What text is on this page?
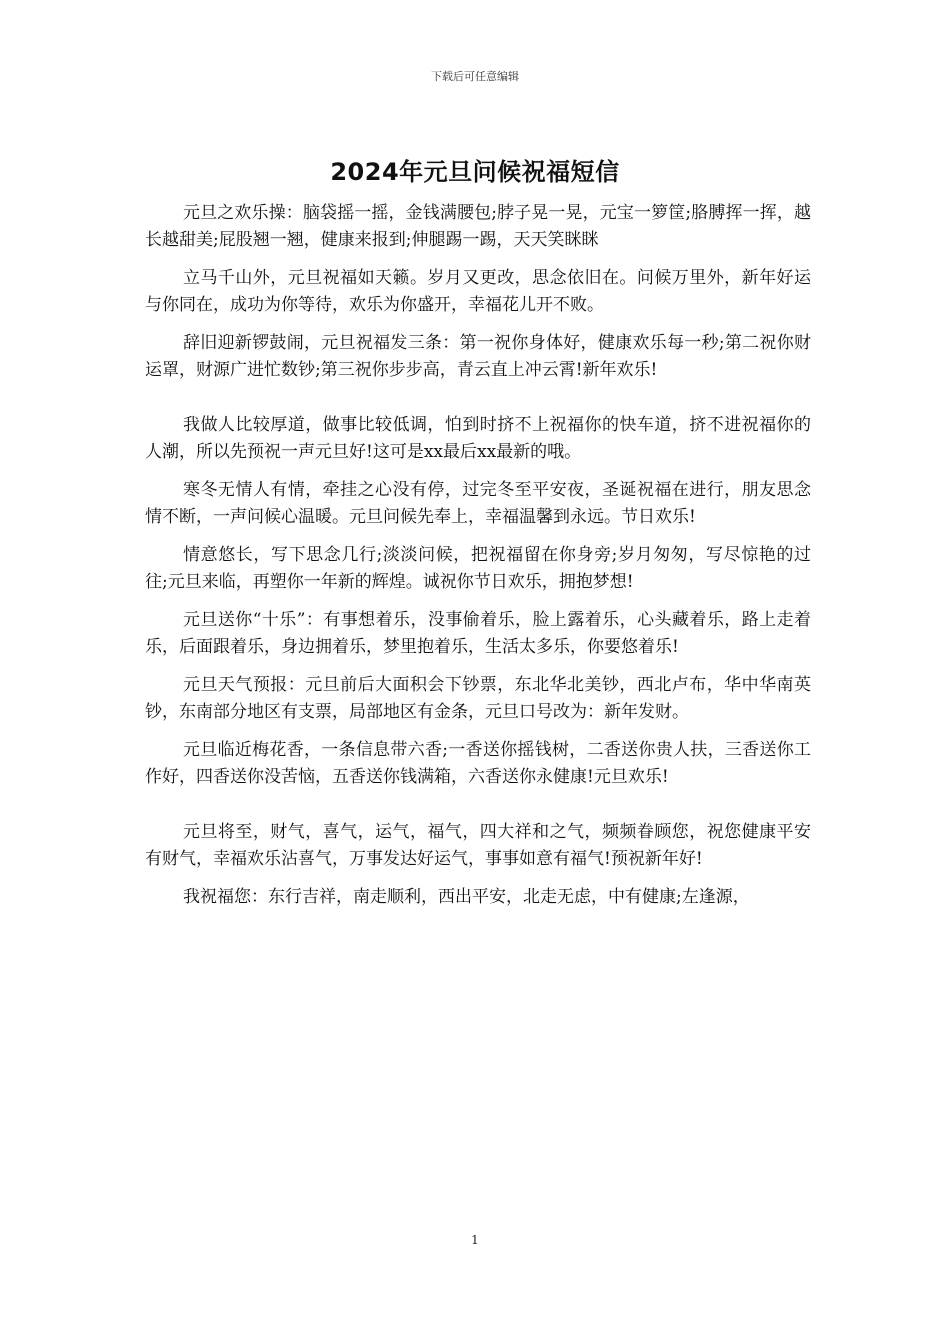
下载后可任意编辑
2024年元旦问候祝福短信

元旦之欢乐操：脑袋摇一摇，金钱满腰包;脖子晃一晃，元宝一箩筐;胳膊挥一挥，越长越甜美;屁股翘一翘，健康来报到;伸腿踢一踢，天天笑眯眯

立马千山外，元旦祝福如天籁。岁月又更改，思念依旧在。问候万里外，新年好运与你同在，成功为你等待，欢乐为你盛开，幸福花儿开不败。

辞旧迎新锣鼓闹，元旦祝福发三条：第一祝你身体好，健康欢乐每一秒;第二祝你财运罩，财源广进忙数钞;第三祝你步步高，青云直上冲云霄!新年欢乐!

我做人比较厚道，做事比较低调，怕到时挤不上祝福你的快车道，挤不进祝福你的人潮，所以先预祝一声元旦好!这可是xx最后xx最新的哦。

寒冬无情人有情，牵挂之心没有停，过完冬至平安夜，圣诞祝福在进行，朋友思念情不断，一声问候心温暖。元旦问候先奉上，幸福温馨到永远。节日欢乐!

情意悠长，写下思念几行;淡淡问候，把祝福留在你身旁;岁月匆匆，写尽惊艳的过往;元旦来临，再塑你一年新的辉煌。诚祝你节日欢乐，拥抱梦想!

元旦送你“十乐”：有事想着乐，没事偷着乐，脸上露着乐，心头藏着乐，路上走着乐，后面跟着乐，身边拥着乐，梦里抱着乐，生活太多乐，你要悠着乐!

元旦天气预报：元旦前后大面积会下钞票，东北华北美钞，西北卢布，华中华南英钞，东南部分地区有支票，局部地区有金条，元旦口号改为：新年发财。

元旦临近梅花香，一条信息带六香;一香送你摇钱树，二香送你贵人扶，三香送你工作好，四香送你没苦恼，五香送你钱满箱，六香送你永健康!元旦欢乐!

元旦将至，财气，喜气，运气，福气，四大祥和之气，频频眷顾您，祝您健康平安有财气，幸福欢乐沾喜气，万事发达好运气，事事如意有福气!预祝新年好!

我祝福您：东行吉祥，南走顺利，西出平安，北走无虑，中有健康;左逢源，

1
